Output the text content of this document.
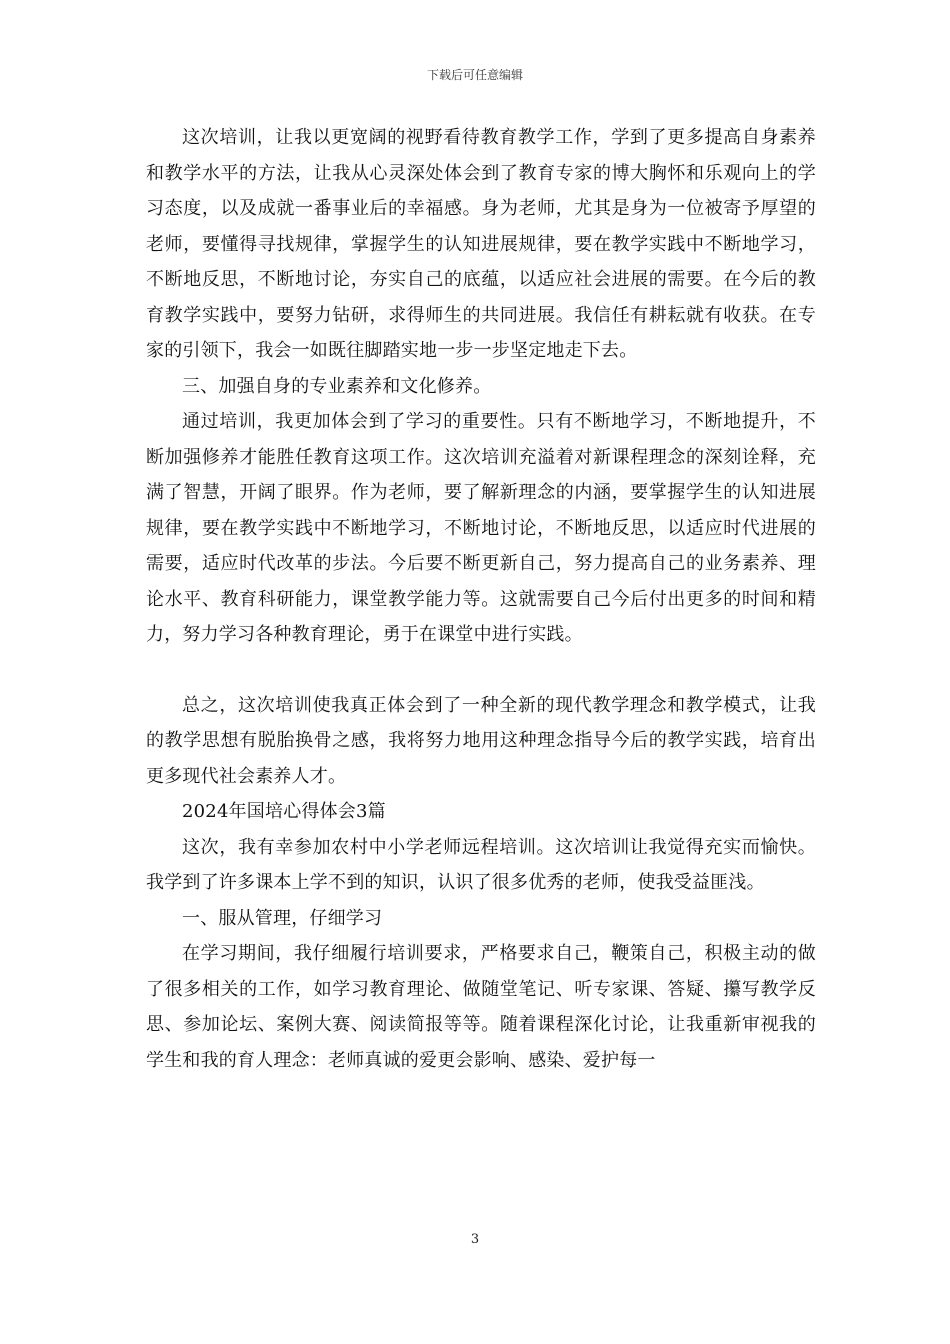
下载后可任意编辑

这次培训，让我以更宽阔的视野看待教育教学工作，学到了更多提高自身素养和教学水平的方法，让我从心灵深处体会到了教育专家的博大胸怀和乐观向上的学习态度，以及成就一番事业后的幸福感。身为老师，尤其是身为一位被寄予厚望的老师，要懂得寻找规律，掌握学生的认知进展规律，要在教学实践中不断地学习，不断地反思，不断地讨论，夯实自己的底蕴，以适应社会进展的需要。在今后的教育教学实践中，要努力钻研，求得师生的共同进展。我信任有耕耘就有收获。在专家的引领下，我会一如既往脚踏实地一步一步坚定地走下去。

三、加强自身的专业素养和文化修养。

通过培训，我更加体会到了学习的重要性。只有不断地学习，不断地提升，不断加强修养才能胜任教育这项工作。这次培训充溢着对新课程理念的深刻诠释，充满了智慧，开阔了眼界。作为老师，要了解新理念的内涵，要掌握学生的认知进展规律，要在教学实践中不断地学习，不断地讨论，不断地反思，以适应时代进展的需要，适应时代改革的步法。今后要不断更新自己，努力提高自己的业务素养、理论水平、教育科研能力，课堂教学能力等。这就需要自己今后付出更多的时间和精力，努力学习各种教育理论，勇于在课堂中进行实践。

总之，这次培训使我真正体会到了一种全新的现代教学理念和教学模式，让我的教学思想有脱胎换骨之感，我将努力地用这种理念指导今后的教学实践，培育出更多现代社会素养人才。

2024年国培心得体会3篇

这次，我有幸参加农村中小学老师远程培训。这次培训让我觉得充实而愉快。我学到了许多课本上学不到的知识，认识了很多优秀的老师，使我受益匪浅。

一、服从管理，仔细学习

在学习期间，我仔细履行培训要求，严格要求自己，鞭策自己，积极主动的做了很多相关的工作，如学习教育理论、做随堂笔记、听专家课、答疑、攥写教学反思、参加论坛、案例大赛、阅读简报等等。随着课程深化讨论，让我重新审视我的学生和我的育人理念：老师真诚的爱更会影响、感染、爱护每一

3
